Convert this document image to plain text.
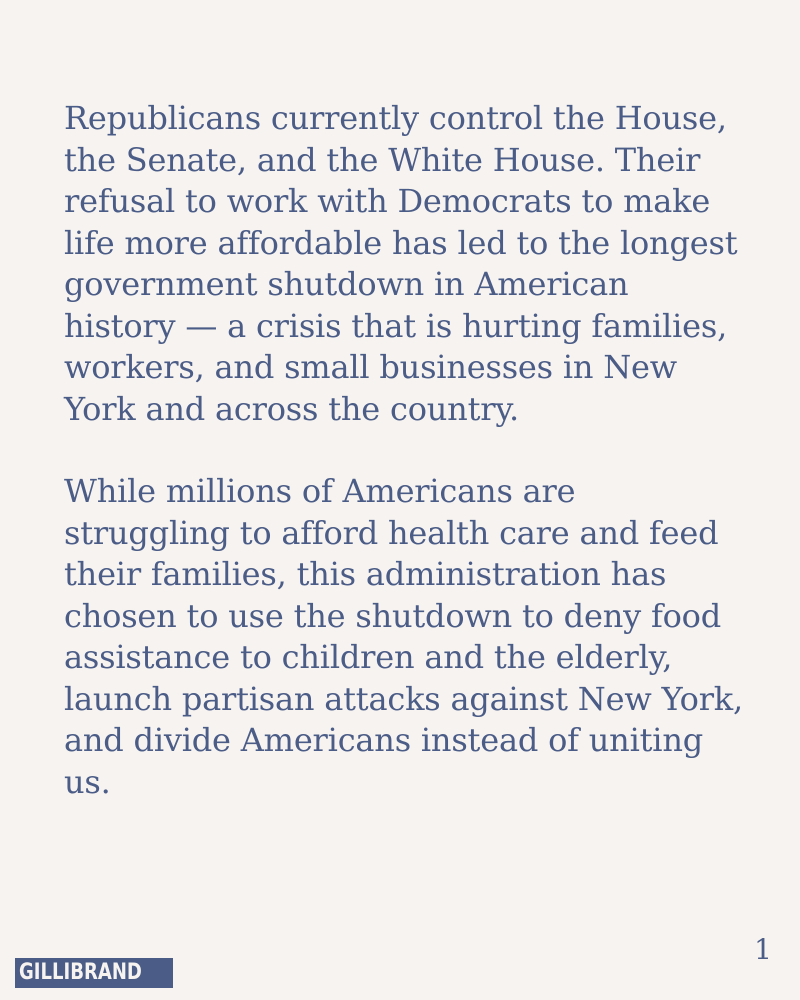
Republicans currently control the House, the Senate, and the White House. Their refusal to work with Democrats to make life more affordable has led to the longest government shutdown in American history — a crisis that is hurting families, workers, and small businesses in New York and across the country.

While millions of Americans are struggling to afford health care and feed their families, this administration has chosen to use the shutdown to deny food assistance to children and the elderly, launch partisan attacks against New York, and divide Americans instead of uniting us.

GILLIBRAND
1
